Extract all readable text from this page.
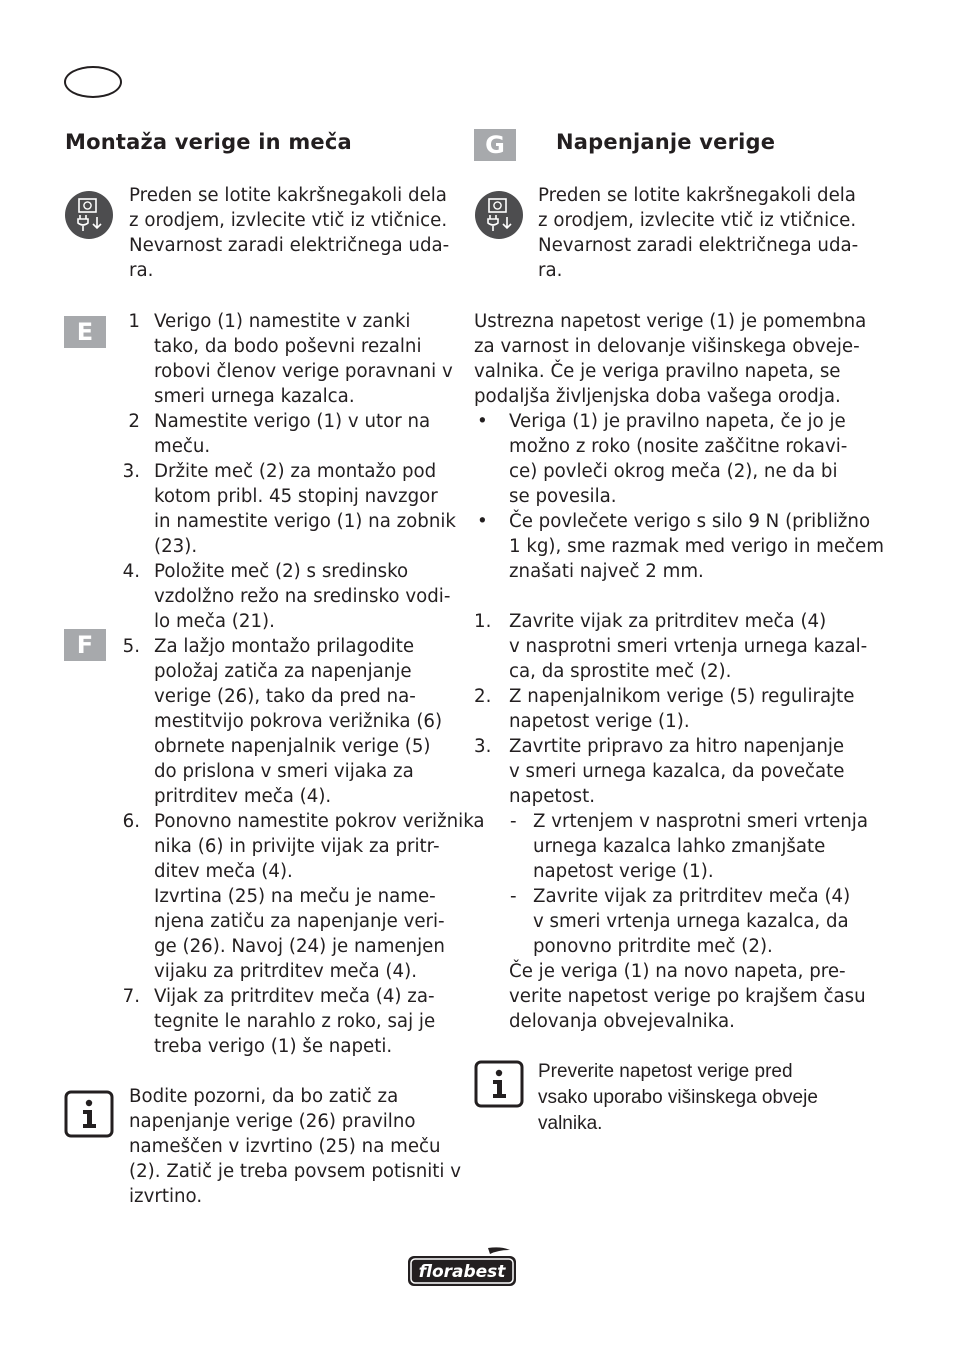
Montaža verige in meča
Preden se lotite kakršnegakoli dela
z orodjem, izvlecite vtič iz vtičnice.
Nevarnost zaradi električnega uda-
ra.
E
F
1 Verigo (1) namestite v zanki
tako, da bodo poševni rezalni
robovi členov verige poravnani v
smeri urnega kazalca.
2 Namestite verigo (1) v utor na
meču.
3. Držite meč (2) za montažo pod
kotom pribl. 45 stopinj navzgor
in namestite verigo (1) na zobnik
(23).
4. Položite meč (2) s sredinsko
vzdolžno režo na sredinsko vodi-
lo meča (21).
5. Za lažjo montažo prilagodite
položaj zatiča za napenjanje
verige (26), tako da pred na-
mestitvijo pokrova verižnika (6)
obrnete napenjalnik verige (5)
do prislona v smeri vijaka za
pritrditev meča (4).
6. Ponovno namestite pokrov verižnika
nika (6) in privijte vijak za pritr-
ditev meča (4).
Izvrtina (25) na meču je name-
njena zatiču za napenjanje veri-
ge (26). Navoj (24) je namenjen
vijaku za pritrditev meča (4).
7. Vijak za pritrditev meča (4) za-
tegnite le narahlo z roko, saj je
treba verigo (1) še napeti.
Bodite pozorni, da bo zatič za
napenjanje verige (26) pravilno
nameščen v izvrtino (25) na meču
(2). Zatič je treba povsem potisniti v
izvrtino.
G	Napenjanje verige
Preden se lotite kakršnegakoli dela
z orodjem, izvlecite vtič iz vtičnice.
Nevarnost zaradi električnega uda-
ra.
Ustrezna napetost verige (1) je pomembna
za varnost in delovanje višinskega obveje-
valnika. Če je veriga pravilno napeta, se
podaljša življenjska doba vašega orodja.
• Veriga (1) je pravilno napeta, če jo je
možno z roko (nosite zaščitne rokavi-
ce) povleči okrog meča (2), ne da bi
se povesila.
• Če povlečete verigo s silo 9 N (približno
1 kg), sme razmak med verigo in mečem
znašati največ 2 mm.
1. Zavrite vijak za pritrditev meča (4)
v nasprotni smeri vrtenja urnega kazal-
ca, da sprostite meč (2).
2. Z napenjalnikom verige (5) regulirajte
napetost verige (1).
3. Zavrtite pripravo za hitro napenjanje
v smeri urnega kazalca, da povečate
napetost.
- Z vrtenjem v nasprotni smeri vrtenja
urnega kazalca lahko zmanjšate
napetost verige (1).
- Zavrite vijak za pritrditev meča (4)
v smeri vrtenja urnega kazalca, da
ponovno pritrdite meč (2).
Če je veriga (1) na novo napeta, pre-
verite napetost verige po krajšem času
delovanja obvejevalnika.
Preverite napetost verige pred
vsako uporabo višinskega obveje
valnika.
florabest
